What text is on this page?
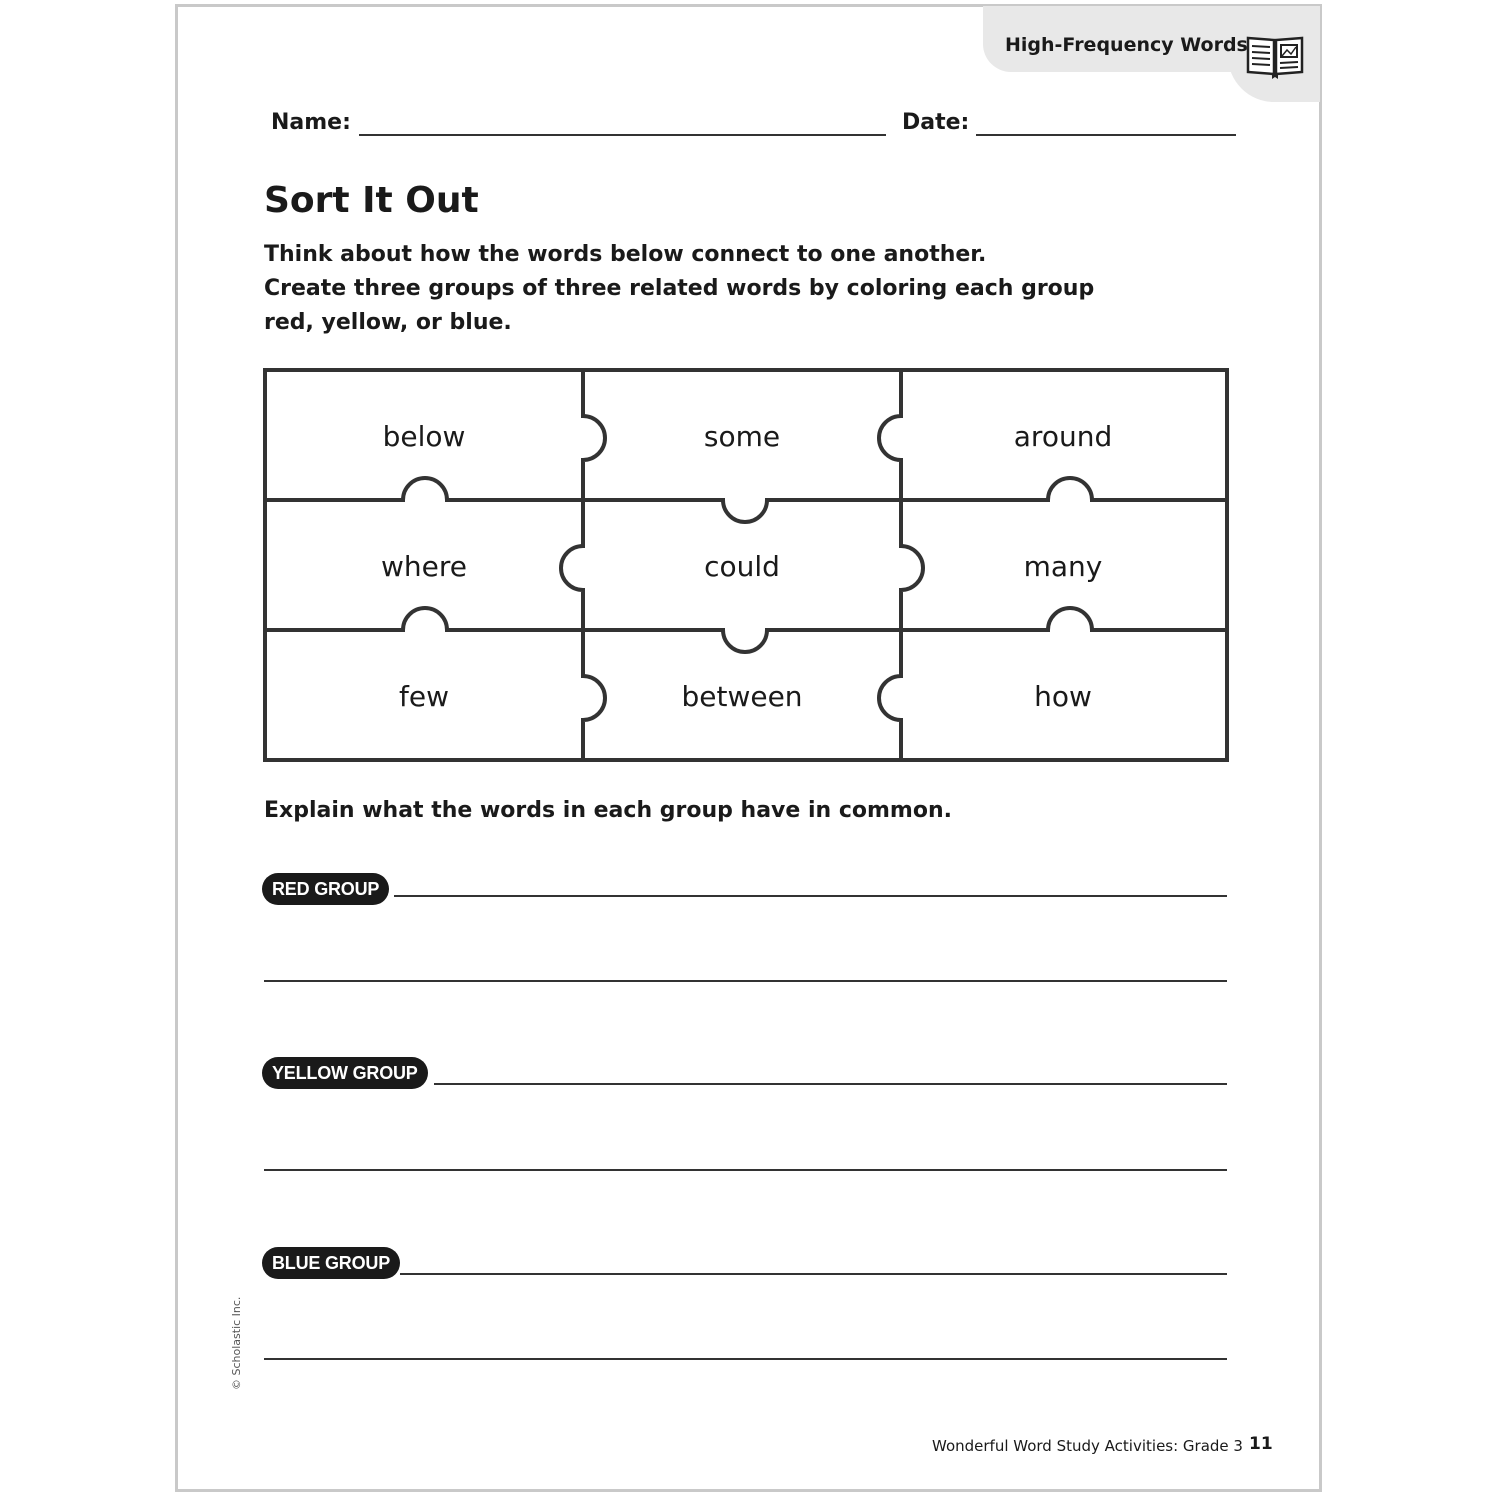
High-Frequency Words
Name:	Date:
Sort It Out
Think about how the words below connect to one another.
Create three groups of three related words by coloring each group
red, yellow, or blue.
below	some	around
where	could	many
few	between	how
Explain what the words in each group have in common.
RED GROUP
YELLOW GROUP
BLUE GROUP
© Scholastic Inc.
Wonderful Word Study Activities: Grade 3 11
